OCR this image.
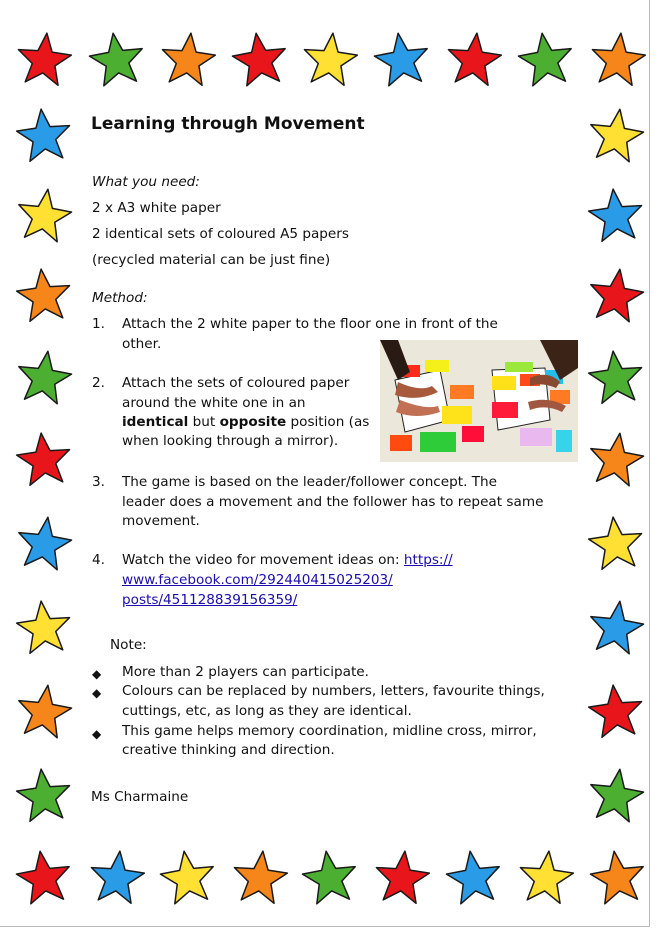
Learning through Movement
What you need:
2 x A3 white paper
2 identical sets of coloured A5 papers
(recycled material can be just fine)
Method:
1. Attach the 2 white paper to the floor one in front of the
other.
2. Attach the sets of coloured paper
around the white one in an
identical but opposite position (as
when looking through a mirror).
3. The game is based on the leader/follower concept. The
leader does a movement and the follower has to repeat same
movement.
4. Watch the video for movement ideas on: https://
www.facebook.com/292440415025203/
posts/451128839156359/
Note:
◆ More than 2 players can participate.
◆ Colours can be replaced by numbers, letters, favourite things,
cuttings, etc, as long as they are identical.
◆ This game helps memory coordination, midline cross, mirror,
creative thinking and direction.
Ms Charmaine
